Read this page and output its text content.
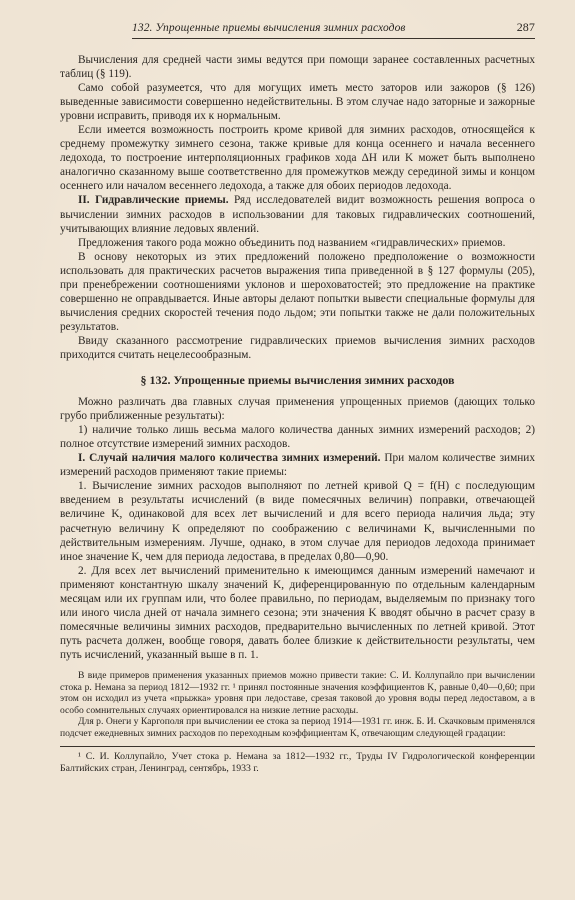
132. Упрощенные приемы вычисления зимних расходов	287

Вычисления для средней части зимы ведутся при помощи заранее составленных расчетных таблиц (§ 119).

Само собой разумеется, что для могущих иметь место заторов или зажоров (§ 126) выведенные зависимости совершенно недействительны. В этом случае надо заторные и зажорные уровни исправить, приводя их к нормальным.

Если имеется возможность построить кроме кривой для зимних расходов, относящейся к среднему промежутку зимнего сезона, также кривые для конца осеннего и начала весеннего ледохода, то построение интерполяционных графиков хода ΔH или K может быть выполнено аналогично сказанному выше соответственно для промежутков между серединой зимы и концом осеннего или началом весеннего ледохода, а также для обоих периодов ледохода.

II. Гидравлические приемы. Ряд исследователей видит возможность решения вопроса о вычислении зимних расходов в использовании для таковых гидравлических соотношений, учитывающих влияние ледовых явлений.

Предложения такого рода можно объединить под названием «гидравлических» приемов.

В основу некоторых из этих предложений положено предположение о возможности использовать для практических расчетов выражения типа приведенной в § 127 формулы (205), при пренебрежении соотношениями уклонов и шероховатостей; это предложение на практике совершенно не оправдывается. Иные авторы делают попытки вывести специальные формулы для вычисления средних скоростей течения подо льдом; эти попытки также не дали положительных результатов.

Ввиду сказанного рассмотрение гидравлических приемов вычисления зимних расходов приходится считать нецелесообразным.

§ 132. Упрощенные приемы вычисления зимних расходов

Можно различать два главных случая применения упрощенных приемов (дающих только грубо приближенные результаты):

1) наличие только лишь весьма малого количества данных зимних измерений расходов; 2) полное отсутствие измерений зимних расходов.

I. Случай наличия малого количества зимних измерений. При малом количестве зимних измерений расходов применяют такие приемы:

1. Вычисление зимних расходов выполняют по летней кривой Q = f(H) с последующим введением в результаты исчислений (в виде помесячных величин) поправки, отвечающей величине K, одинаковой для всех лет вычислений и для всего периода наличия льда; эту расчетную величину K определяют по соображению с величинами K, вычисленными по действительным измерениям. Лучше, однако, в этом случае для периодов ледохода принимает иное значение K, чем для периода ледостава, в пределах 0,80—0,90.

2. Для всех лет вычислений применительно к имеющимся данным измерений намечают и применяют константную шкалу значений K, диференцированную по отдельным календарным месяцам или их группам или, что более правильно, по периодам, выделяемым по признаку того или иного числа дней от начала зимнего сезона; эти значения K вводят обычно в расчет сразу в помесячные величины зимних расходов, предварительно вычисленных по летней кривой. Этот путь расчета должен, вообще говоря, давать более близкие к действительности результаты, чем путь исчислений, указанный выше в п. 1.

В виде примеров применения указанных приемов можно привести такие: С. И. Коллупайло при вычислении стока р. Немана за период 1812—1932 гг. ¹ принял постоянные значения коэффициентов K, равные 0,40—0,60; при этом он исходил из учета «прыжка» уровня при ледоставе, срезая таковой до уровня воды перед ледоставом, а в особо сомнительных случаях ориентировался на низкие летние расходы.

Для р. Онеги у Каргополя при вычислении ее стока за период 1914—1931 гг. инж. Б. И. Скачковым применялся подсчет ежедневных зимних расходов по переходным коэффициентам K, отвечающим следующей градации:

¹ С. И. Коллупайло, Учет стока р. Немана за 1812—1932 гг., Труды IV Гидрологической конференции Балтийских стран, Ленинград, сентябрь, 1933 г.
